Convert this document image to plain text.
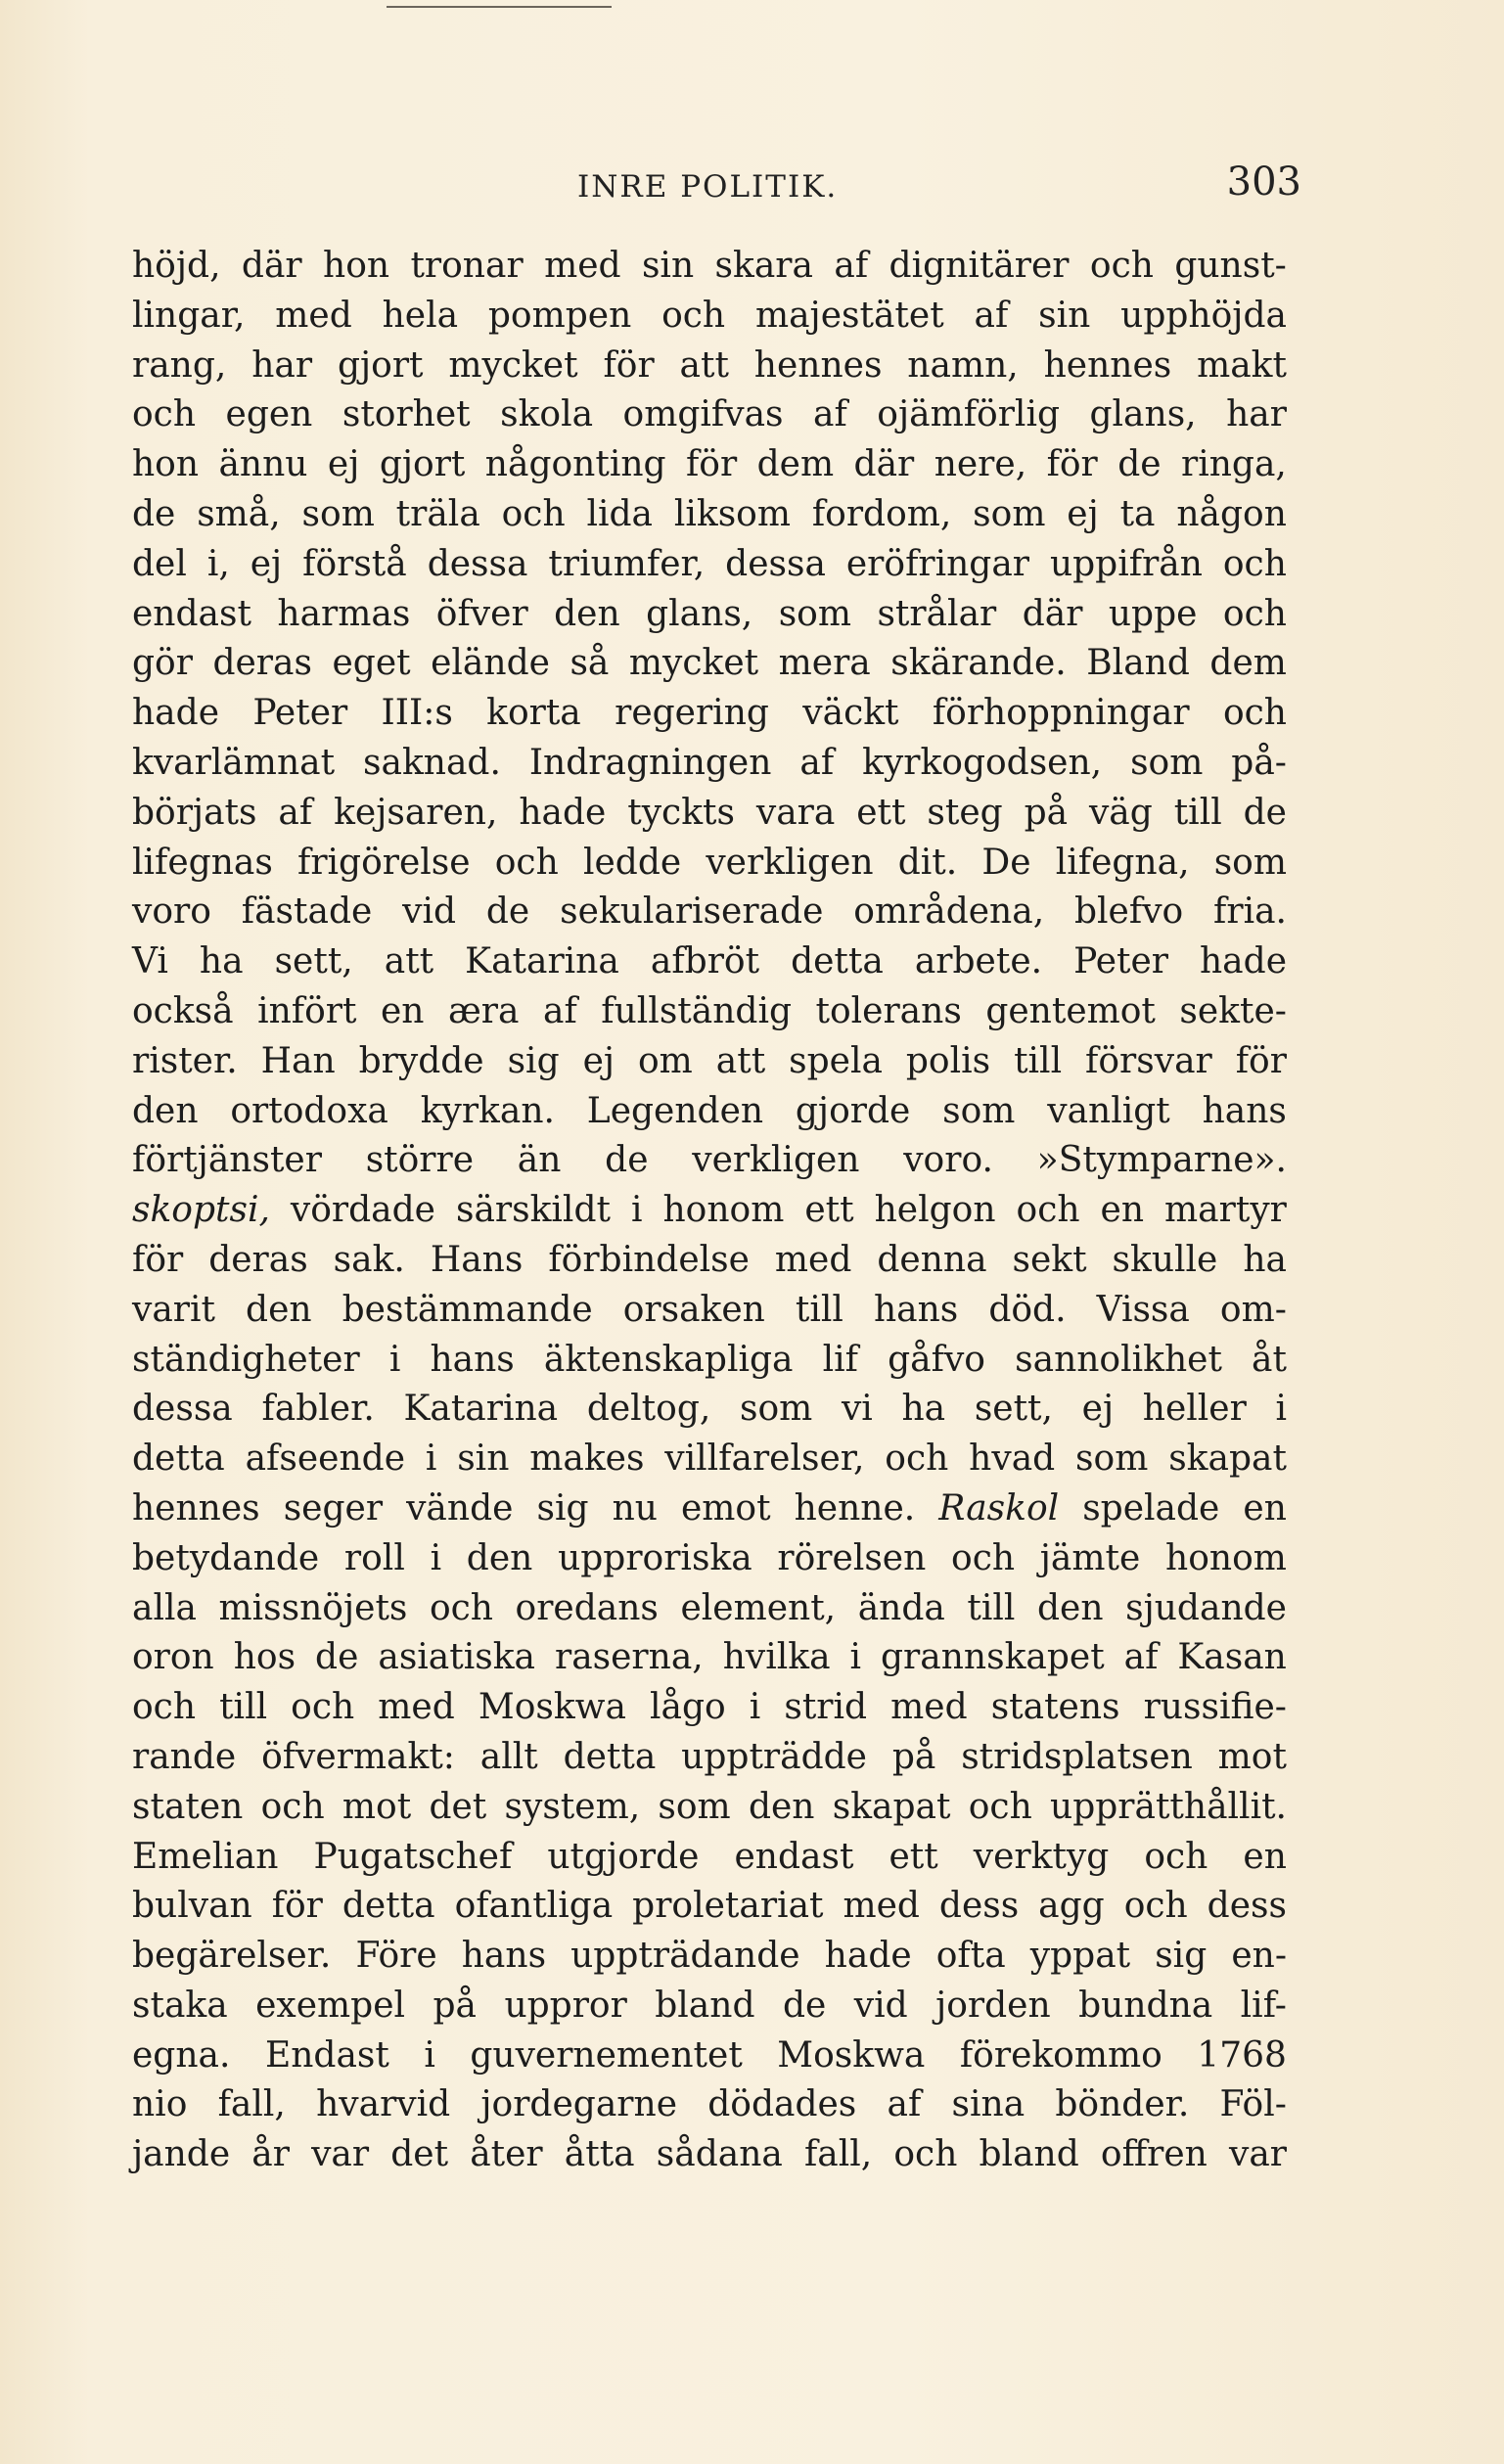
INRE POLITIK.	303
höjd, där hon tronar med sin skara af dignitärer och gunst-
lingar, med hela pompen och majestätet af sin upphöjda
rang, har gjort mycket för att hennes namn, hennes makt
och egen storhet skola omgifvas af ojämförlig glans, har
hon ännu ej gjort någonting för dem där nere, för de ringa,
de små, som träla och lida liksom fordom, som ej ta någon
del i, ej förstå dessa triumfer, dessa eröfringar uppifrån och
endast harmas öfver den glans, som strålar där uppe och
gör deras eget elände så mycket mera skärande. Bland dem
hade Peter III:s korta regering väckt förhoppningar och
kvarlämnat saknad. Indragningen af kyrkogodsen, som på-
börjats af kejsaren, hade tyckts vara ett steg på väg till de
lifegnas frigörelse och ledde verkligen dit. De lifegna, som
voro fästade vid de sekulariserade områdena, blefvo fria.
Vi ha sett, att Katarina afbröt detta arbete. Peter hade
också infört en æra af fullständig tolerans gentemot sekte-
rister. Han brydde sig ej om att spela polis till försvar för
den ortodoxa kyrkan. Legenden gjorde som vanligt hans
förtjänster större än de verkligen voro. »Stymparne».
skoptsi, vördade särskildt i honom ett helgon och en martyr
för deras sak. Hans förbindelse med denna sekt skulle ha
varit den bestämmande orsaken till hans död. Vissa om-
ständigheter i hans äktenskapliga lif gåfvo sannolikhet åt
dessa fabler. Katarina deltog, som vi ha sett, ej heller i
detta afseende i sin makes villfarelser, och hvad som skapat
hennes seger vände sig nu emot henne. Raskol spelade en
betydande roll i den upproriska rörelsen och jämte honom
alla missnöjets och oredans element, ända till den sjudande
oron hos de asiatiska raserna, hvilka i grannskapet af Kasan
och till och med Moskwa lågo i strid med statens russifie-
rande öfvermakt: allt detta uppträdde på stridsplatsen mot
staten och mot det system, som den skapat och upprätthållit.
Emelian Pugatschef utgjorde endast ett verktyg och en
bulvan för detta ofantliga proletariat med dess agg och dess
begärelser. Före hans uppträdande hade ofta yppat sig en-
staka exempel på uppror bland de vid jorden bundna lif-
egna. Endast i guvernementet Moskwa förekommo 1768
nio fall, hvarvid jordegarne dödades af sina bönder. Föl-
jande år var det åter åtta sådana fall, och bland offren var
